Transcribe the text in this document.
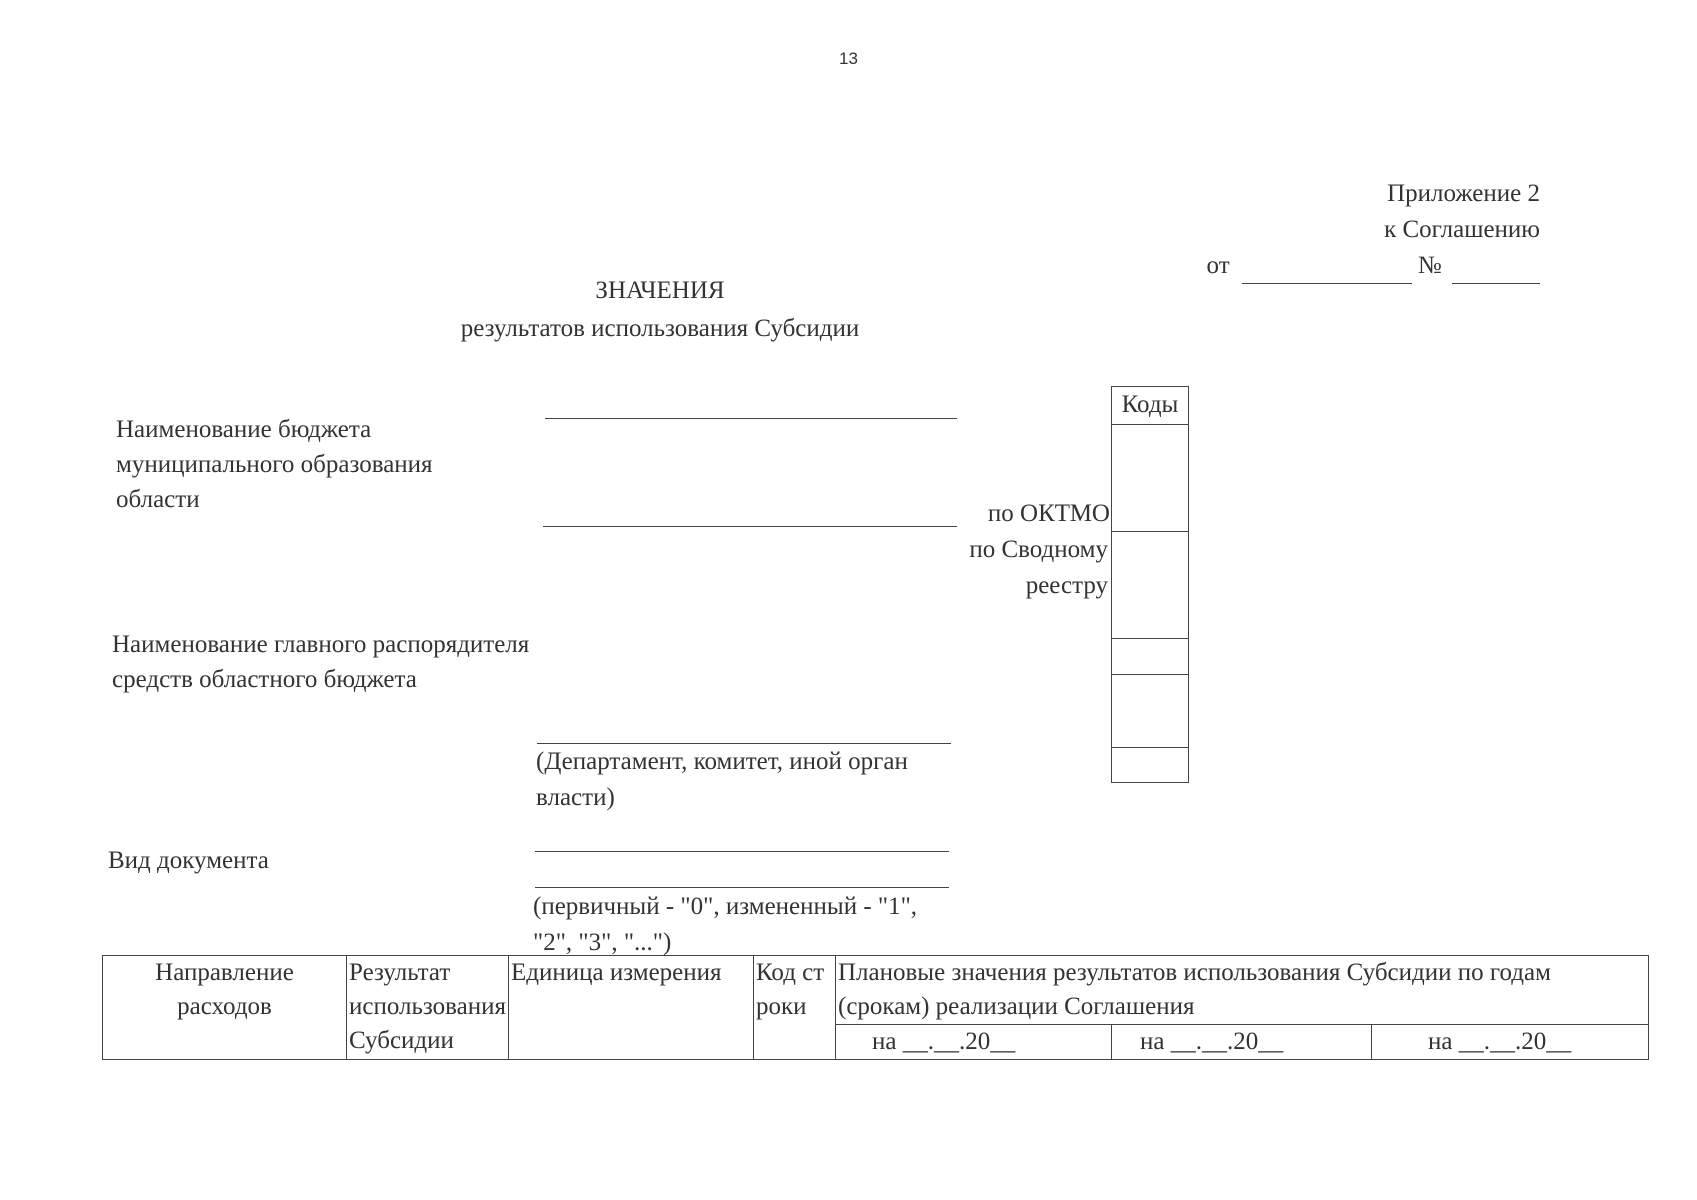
13
Приложение 2
к Соглашению
от	№
ЗНАЧЕНИЯ
результатов использования Субсидии
Наименование бюджета муниципального образования области
Наименование главного распорядителя средств областного бюджета
(Департамент, комитет, иной орган власти)
Вид документа
(первичный - "0", измененный - "1", "2", "3", "...")
по ОКТМО
по Сводному реестру
Коды
Направление расходов	Результат использования Субсидии	Единица измерения	Код строки	Плановые значения результатов использования Субсидии по годам (срокам) реализации Соглашения		
				на __.__.20__	на __.__.20__	на __.__.20__
